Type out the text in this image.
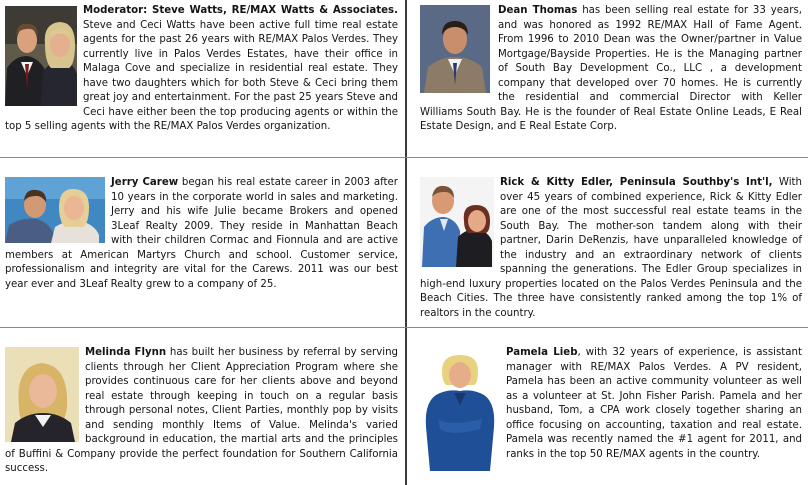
Moderator: Steve Watts, RE/MAX Watts & Associates. Steve and Ceci Watts have been active full time real estate agents for the past 26 years with RE/MAX Palos Verdes. They currently live in Palos Verdes Estates, have their office in Malaga Cove and specialize in residential real estate. They have two daughters which for both Steve & Ceci bring them great joy and entertainment. For the past 25 years Steve and Ceci have either been the top producing agents or within the top 5 selling agents with the RE/MAX Palos Verdes organization.
Dean Thomas has been selling real estate for 33 years, and was honored as 1992 RE/MAX Hall of Fame Agent. From 1996 to 2010 Dean was the Owner/partner in Value Mortgage/Bayside Properties. He is the Managing partner of South Bay Development Co., LLC , a development company that developed over 70 homes. He is currently the residential and commercial Director with Keller Williams South Bay. He is the founder of Real Estate Online Leads, E Real Estate Design, and E Real Estate Corp.
Jerry Carew began his real estate career in 2003 after 10 years in the corporate world in sales and marketing. Jerry and his wife Julie became Brokers and opened 3Leaf Realty 2009. They reside in Manhattan Beach with their children Cormac and Fionnula and are active members at American Martyrs Church and school. Customer service, professionalism and integrity are vital for the Carews. 2011 was our best year ever and 3Leaf Realty grew to a company of 25.
Rick & Kitty Edler, Peninsula Southby's Int'l, With over 45 years of combined experience, Rick & Kitty Edler are one of the most successful real estate teams in the South Bay. The mother-son tandem along with their partner, Darin DeRenzis, have unparalleled knowledge of the industry and an extraordinary network of clients spanning the generations. The Edler Group specializes in high-end luxury properties located on the Palos Verdes Peninsula and the Beach Cities. The three have consistently ranked among the top 1% of realtors in the country.
Melinda Flynn has built her business by referral by serving clients through her Client Appreciation Program where she provides continuous care for her clients above and beyond real estate through keeping in touch on a regular basis through personal notes, Client Parties, monthly pop by visits and sending monthly Items of Value. Melinda's varied background in education, the martial arts and the principles of Buffini & Company provide the perfect foundation for Southern California success.
Pamela Lieb, with 32 years of experience, is assistant manager with RE/MAX Palos Verdes. A PV resident, Pamela has been an active community volunteer as well as a volunteer at St. John Fisher Parish. Pamela and her husband, Tom, a CPA work closely together sharing an office focusing on accounting, taxation and real estate. Pamela was recently named the #1 agent for 2011, and ranks in the top 50 RE/MAX agents in the country.
